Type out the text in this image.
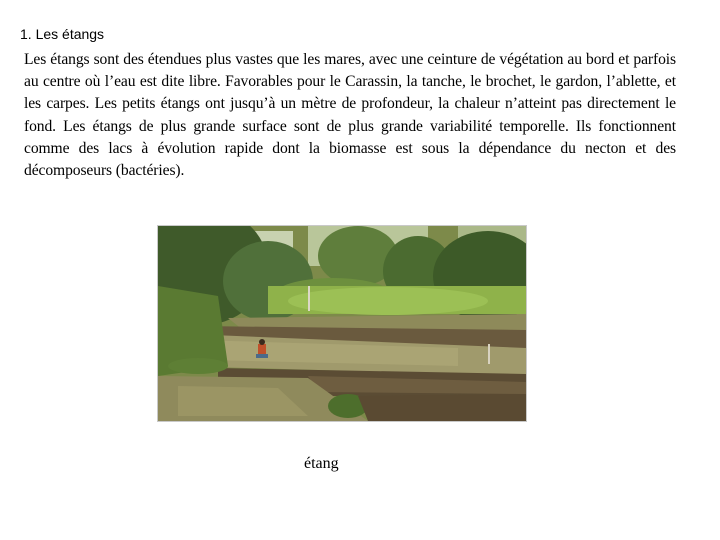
1. Les étangs

Les étangs sont des étendues plus vastes que les mares, avec une ceinture de végétation au bord et parfois au centre où l’eau est dite libre. Favorables pour le Carassin, la tanche, le brochet, le gardon, l’ablette, et les carpes. Les petits étangs ont jusqu’à un mètre de profondeur, la chaleur n’atteint pas directement le fond. Les étangs de plus grande surface sont de plus grande variabilité temporelle. Ils fonctionnent comme des lacs à évolution rapide dont la biomasse est sous la dépendance du necton et des décomposeurs (bactéries).

étang
